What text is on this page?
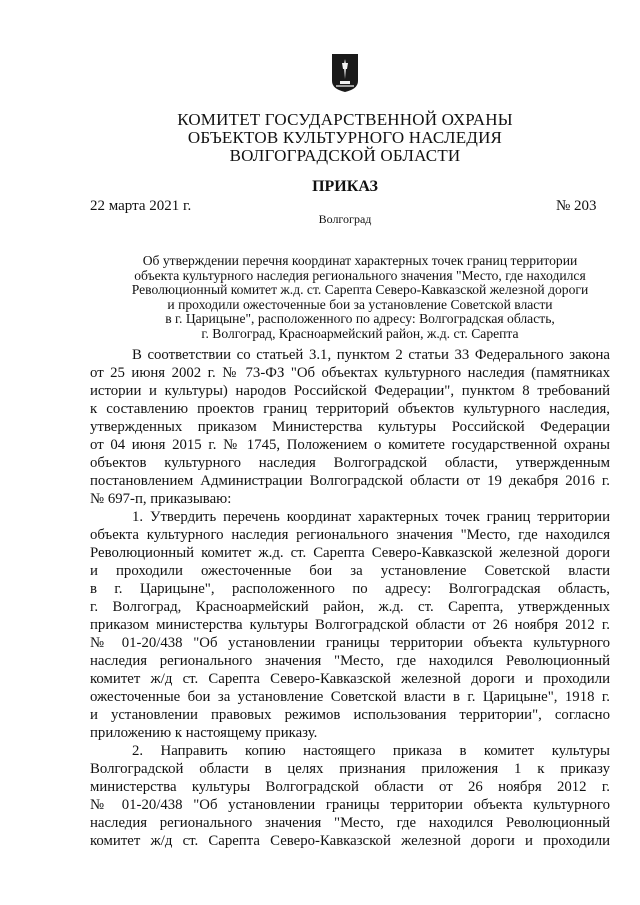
КОМИТЕТ ГОСУДАРСТВЕННОЙ ОХРАНЫ
ОБЪЕКТОВ КУЛЬТУРНОГО НАСЛЕДИЯ
ВОЛГОГРАДСКОЙ ОБЛАСТИ
ПРИКАЗ
22 марта 2021 г.	№ 203
Волгоград
Об утверждении перечня координат характерных точек границ территории
объекта культурного наследия регионального значения "Место, где находился
Революционный комитет ж.д. ст. Сарепта Северо-Кавказской железной дороги
и проходили ожесточенные бои за установление Советской власти
в г. Царицыне", расположенного по адресу: Волгоградская область,
г. Волгоград, Красноармейский район, ж.д. ст. Сарепта
В соответствии со статьей 3.1, пунктом 2 статьи 33 Федерального закона
от 25 июня 2002 г. № 73-ФЗ "Об объектах культурного наследия (памятниках
истории и культуры) народов Российской Федерации", пунктом 8 требований
к составлению проектов границ территорий объектов культурного наследия,
утвержденных приказом Министерства культуры Российской Федерации
от 04 июня 2015 г. № 1745, Положением о комитете государственной охраны
объектов культурного наследия Волгоградской области, утвержденным
постановлением Администрации Волгоградской области от 19 декабря 2016 г.
№ 697-п, приказываю:
1. Утвердить перечень координат характерных точек границ территории
объекта культурного наследия регионального значения "Место, где находился
Революционный комитет ж.д. ст. Сарепта Северо-Кавказской железной дороги
и проходили ожесточенные бои за установление Советской власти
в г. Царицыне", расположенного по адресу: Волгоградская область,
г. Волгоград, Красноармейский район, ж.д. ст. Сарепта, утвержденных
приказом министерства культуры Волгоградской области от 26 ноября 2012 г.
№ 01-20/438 "Об установлении границы территории объекта культурного
наследия регионального значения "Место, где находился Революционный
комитет ж/д ст. Сарепта Северо-Кавказской железной дороги и проходили
ожесточенные бои за установление Советской власти в г. Царицыне", 1918 г.
и установлении правовых режимов использования территории", согласно
приложению к настоящему приказу.
2. Направить копию настоящего приказа в комитет культуры
Волгоградской области в целях признания приложения 1 к приказу
министерства культуры Волгоградской области от 26 ноября 2012 г.
№ 01-20/438 "Об установлении границы территории объекта культурного
наследия регионального значения "Место, где находился Революционный
комитет ж/д ст. Сарепта Северо-Кавказской железной дороги и проходили
